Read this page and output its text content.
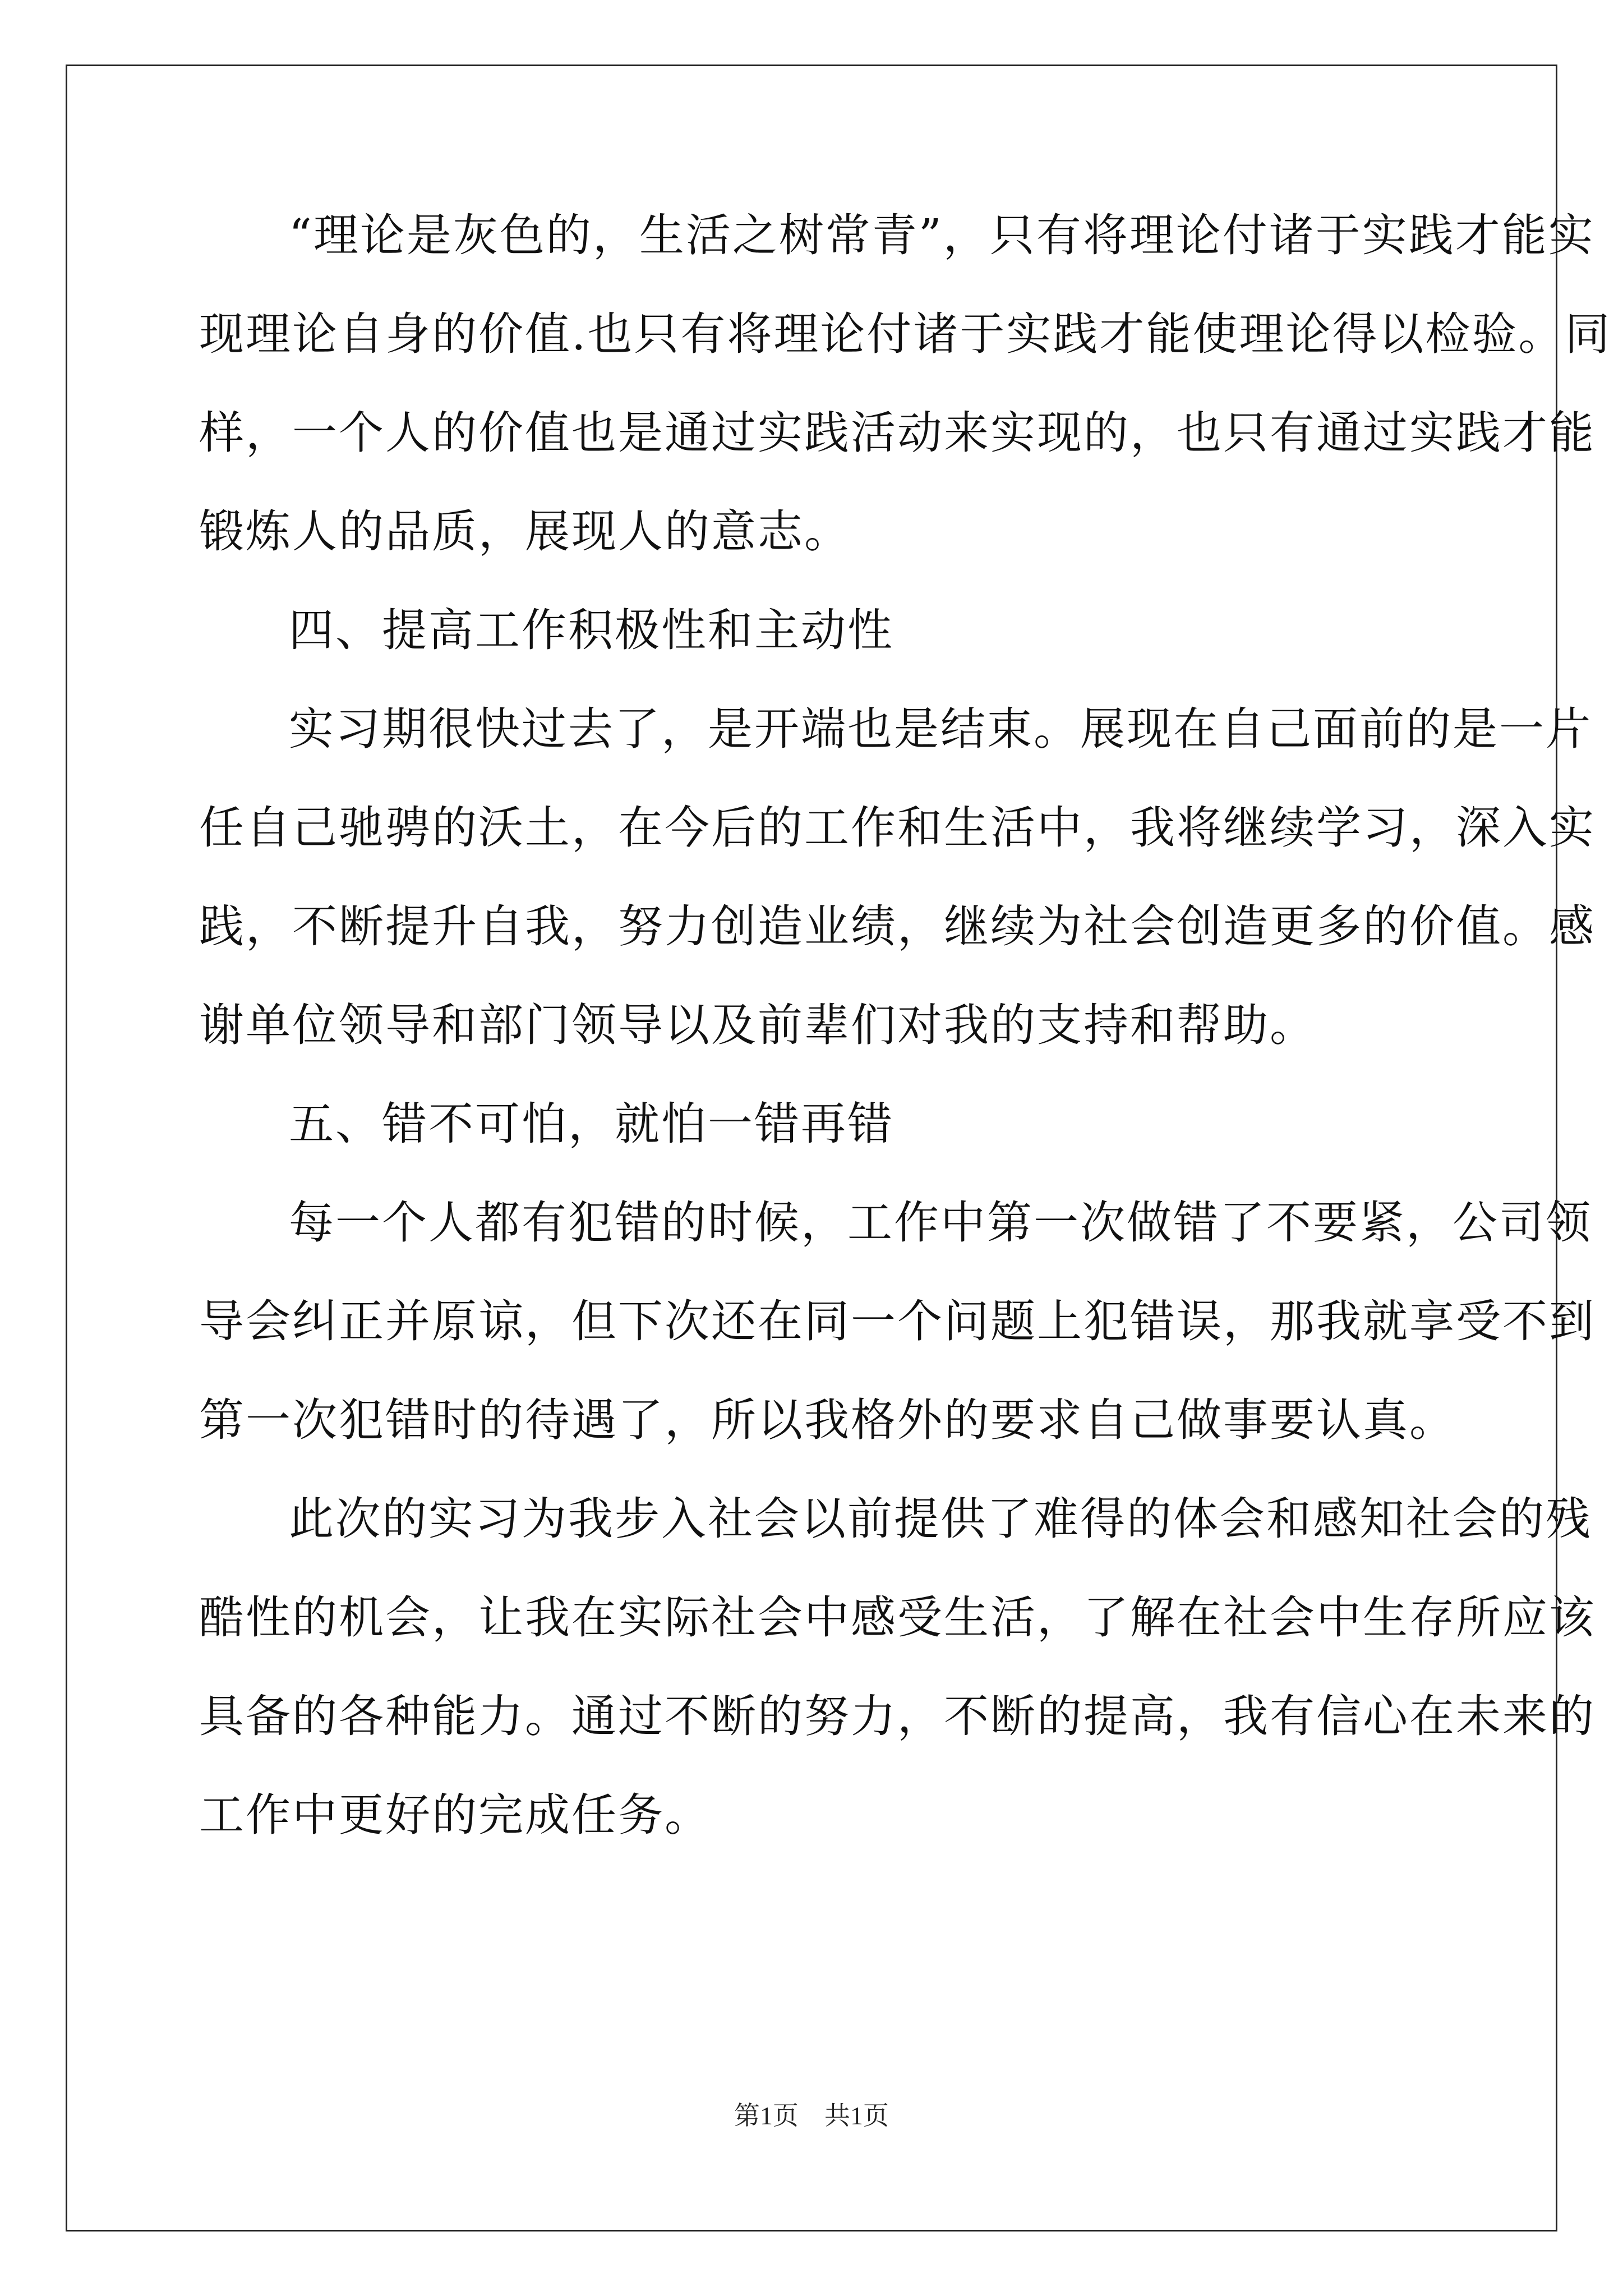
“理论是灰色的，生活之树常青”，只有将理论付诸于实践才能实
现理论自身的价值.也只有将理论付诸于实践才能使理论得以检验。同
样，一个人的价值也是通过实践活动来实现的，也只有通过实践才能
锻炼人的品质，展现人的意志。
四、提高工作积极性和主动性
实习期很快过去了，是开端也是结束。展现在自己面前的是一片
任自己驰骋的沃土，在今后的工作和生活中，我将继续学习，深入实
践，不断提升自我，努力创造业绩，继续为社会创造更多的价值。感
谢单位领导和部门领导以及前辈们对我的支持和帮助。
五、错不可怕，就怕一错再错
每一个人都有犯错的时候，工作中第一次做错了不要紧，公司领
导会纠正并原谅，但下次还在同一个问题上犯错误，那我就享受不到
第一次犯错时的待遇了，所以我格外的要求自己做事要认真。
此次的实习为我步入社会以前提供了难得的体会和感知社会的残
酷性的机会，让我在实际社会中感受生活，了解在社会中生存所应该
具备的各种能力。通过不断的努力，不断的提高，我有信心在未来的
工作中更好的完成任务。
第1页　共1页
